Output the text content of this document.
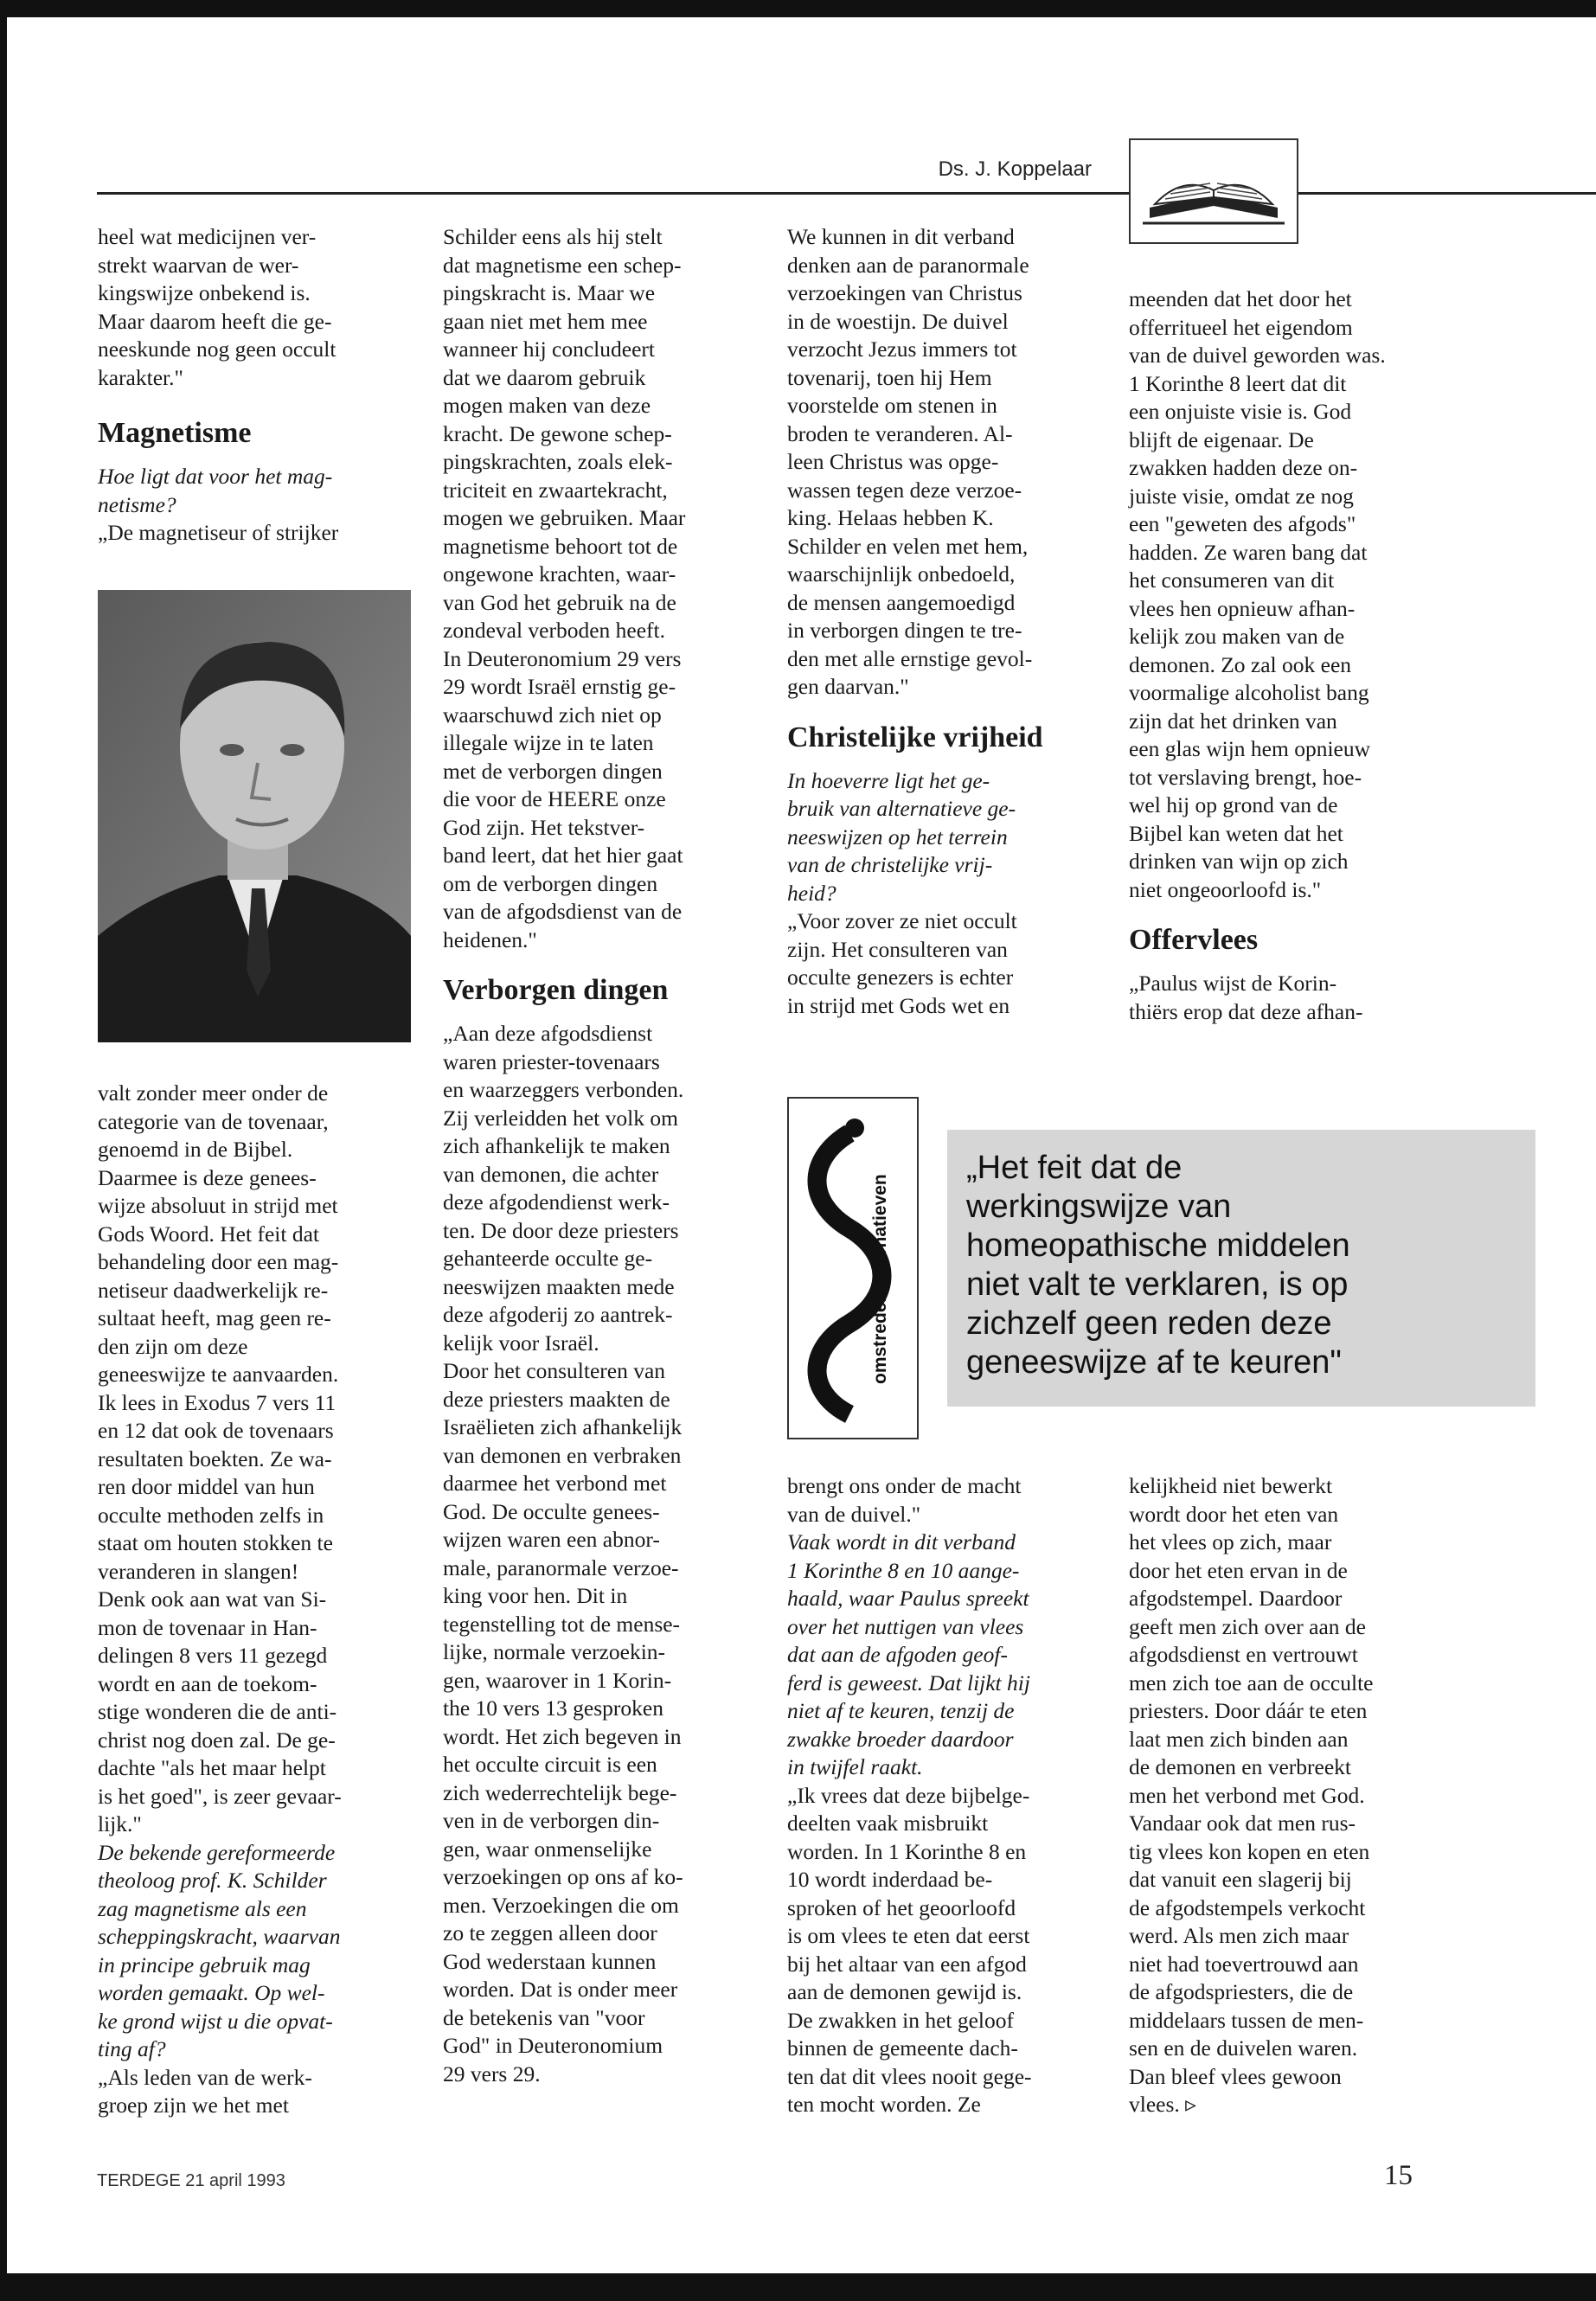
Ds. J. Koppelaar

heel wat medicijnen ver-
strekt waarvan de wer-
kingswijze onbekend is.
Maar daarom heeft die ge-
neeskunde nog geen occult
karakter."

Magnetisme

Hoe ligt dat voor het mag-
netisme?

„De magnetiseur of strijker

valt zonder meer onder de
categorie van de tovenaar,
genoemd in de Bijbel.
Daarmee is deze genees-
wijze absoluut in strijd met
Gods Woord. Het feit dat
behandeling door een mag-
netiseur daadwerkelijk re-
sultaat heeft, mag geen re-
den zijn om deze
geneeswijze te aanvaarden.
Ik lees in Exodus 7 vers 11
en 12 dat ook de tovenaars
resultaten boekten. Ze wa-
ren door middel van hun
occulte methoden zelfs in
staat om houten stokken te
veranderen in slangen!
Denk ook aan wat van Si-
mon de tovenaar in Han-
delingen 8 vers 11 gezegd
wordt en aan de toekom-
stige wonderen die de anti-
christ nog doen zal. De ge-
dachte "als het maar helpt
is het goed", is zeer gevaar-
lijk."

De bekende gereformeerde
theoloog prof. K. Schilder
zag magnetisme als een
scheppingskracht, waarvan
in principe gebruik mag
worden gemaakt. Op wel-
ke grond wijst u die opvat-
ting af?

„Als leden van de werk-
groep zijn we het met

Schilder eens als hij stelt
dat magnetisme een schep-
pingskracht is. Maar we
gaan niet met hem mee
wanneer hij concludeert
dat we daarom gebruik
mogen maken van deze
kracht. De gewone schep-
pingskrachten, zoals elek-
triciteit en zwaartekracht,
mogen we gebruiken. Maar
magnetisme behoort tot de
ongewone krachten, waar-
van God het gebruik na de
zondeval verboden heeft.
In Deuteronomium 29 vers
29 wordt Israël ernstig ge-
waarschuwd zich niet op
illegale wijze in te laten
met de verborgen dingen
die voor de HEERE onze
God zijn. Het tekstver-
band leert, dat het hier gaat
om de verborgen dingen
van de afgodsdienst van de
heidenen."

Verborgen dingen

„Aan deze afgodsdienst
waren priester-tovenaars
en waarzeggers verbonden.
Zij verleidden het volk om
zich afhankelijk te maken
van demonen, die achter
deze afgodendienst werk-
ten. De door deze priesters
gehanteerde occulte ge-
neeswijzen maakten mede
deze afgoderij zo aantrek-
kelijk voor Israël.
Door het consulteren van
deze priesters maakten de
Israëlieten zich afhankelijk
van demonen en verbraken
daarmee het verbond met
God. De occulte genees-
wijzen waren een abnor-
male, paranormale verzoe-
king voor hen. Dit in
tegenstelling tot de mense-
lijke, normale verzoekin-
gen, waarover in 1 Korin-
the 10 vers 13 gesproken
wordt. Het zich begeven in
het occulte circuit is een
zich wederrechtelijk bege-
ven in de verborgen din-
gen, waar onmenselijke
verzoekingen op ons af ko-
men. Verzoekingen die om
zo te zeggen alleen door
God wederstaan kunnen
worden. Dat is onder meer
de betekenis van "voor
God" in Deuteronomium
29 vers 29.

We kunnen in dit verband
denken aan de paranormale
verzoekingen van Christus
in de woestijn. De duivel
verzocht Jezus immers tot
tovenarij, toen hij Hem
voorstelde om stenen in
broden te veranderen. Al-
leen Christus was opge-
wassen tegen deze verzoe-
king. Helaas hebben K.
Schilder en velen met hem,
waarschijnlijk onbedoeld,
de mensen aangemoedigd
in verborgen dingen te tre-
den met alle ernstige gevol-
gen daarvan."

Christelijke vrijheid

In hoeverre ligt het ge-
bruik van alternatieve ge-
neeswijzen op het terrein
van de christelijke vrij-
heid?

„Voor zover ze niet occult
zijn. Het consulteren van
occulte genezers is echter
in strijd met Gods wet en

meenden dat het door het
offerritueel het eigendom
van de duivel geworden was.
1 Korinthe 8 leert dat dit
een onjuiste visie is. God
blijft de eigenaar. De
zwakken hadden deze on-
juiste visie, omdat ze nog
een "geweten des afgods"
hadden. Ze waren bang dat
het consumeren van dit
vlees hen opnieuw afhan-
kelijk zou maken van de
demonen. Zo zal ook een
voormalige alcoholist bang
zijn dat het drinken van
een glas wijn hem opnieuw
tot verslaving brengt, hoe-
wel hij op grond van de
Bijbel kan weten dat het
drinken van wijn op zich
niet ongeoorloofd is."

Offervlees

„Paulus wijst de Korin-
thiërs erop dat deze afhan-

omstreden alternatieven
„Het feit dat de
werkingswijze van
homeopathische middelen
niet valt te verklaren, is op
zichzelf geen reden deze
geneeswijze af te keuren"

brengt ons onder de macht
van de duivel."

Vaak wordt in dit verband
1 Korinthe 8 en 10 aange-
haald, waar Paulus spreekt
over het nuttigen van vlees
dat aan de afgoden geof-
ferd is geweest. Dat lijkt hij
niet af te keuren, tenzij de
zwakke broeder daardoor
in twijfel raakt.

„Ik vrees dat deze bijbelge-
deelten vaak misbruikt
worden. In 1 Korinthe 8 en
10 wordt inderdaad be-
sproken of het geoorloofd
is om vlees te eten dat eerst
bij het altaar van een afgod
aan de demonen gewijd is.
De zwakken in het geloof
binnen de gemeente dach-
ten dat dit vlees nooit gege-
ten mocht worden. Ze

kelijkheid niet bewerkt
wordt door het eten van
het vlees op zich, maar
door het eten ervan in de
afgodstempel. Daardoor
geeft men zich over aan de
afgodsdienst en vertrouwt
men zich toe aan de occulte
priesters. Door dáár te eten
laat men zich binden aan
de demonen en verbreekt
men het verbond met God.
Vandaar ook dat men rus-
tig vlees kon kopen en eten
dat vanuit een slagerij bij
de afgodstempels verkocht
werd. Als men zich maar
niet had toevertrouwd aan
de afgodspriesters, die de
middelaars tussen de men-
sen en de duivelen waren.
Dan bleef vlees gewoon
vlees. ▹

TERDEGE 21 april 1993	15
